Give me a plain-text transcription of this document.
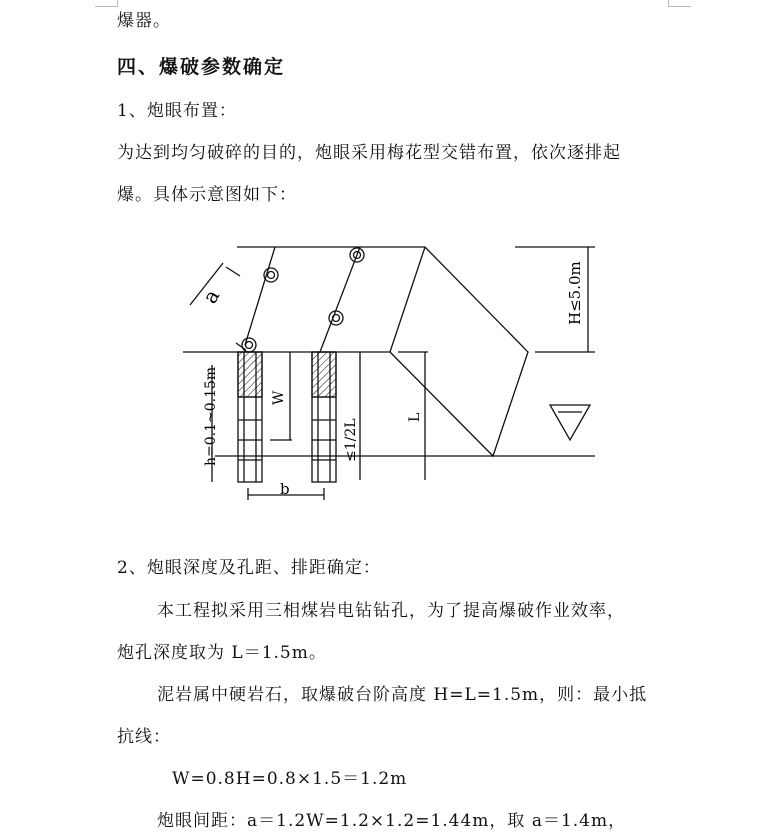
爆器。
四、爆破参数确定
1、炮眼布置：
为达到均匀破碎的目的，炮眼采用梅花型交错布置，依次逐排起
爆。具体示意图如下：
a	H≤5.0m
W
≤1/2L
L
h=0.1~0.15m
b
2、炮眼深度及孔距、排距确定：
本工程拟采用三相煤岩电钻钻孔，为了提高爆破作业效率，
炮孔深度取为 L＝1.5m。
泥岩属中硬岩石，取爆破台阶高度 H=L=1.5m，则：最小抵
抗线：
W=0.8H=0.8×1.5＝1.2m
炮眼间距：a＝1.2W=1.2×1.2=1.44m，取 a＝1.4m，
